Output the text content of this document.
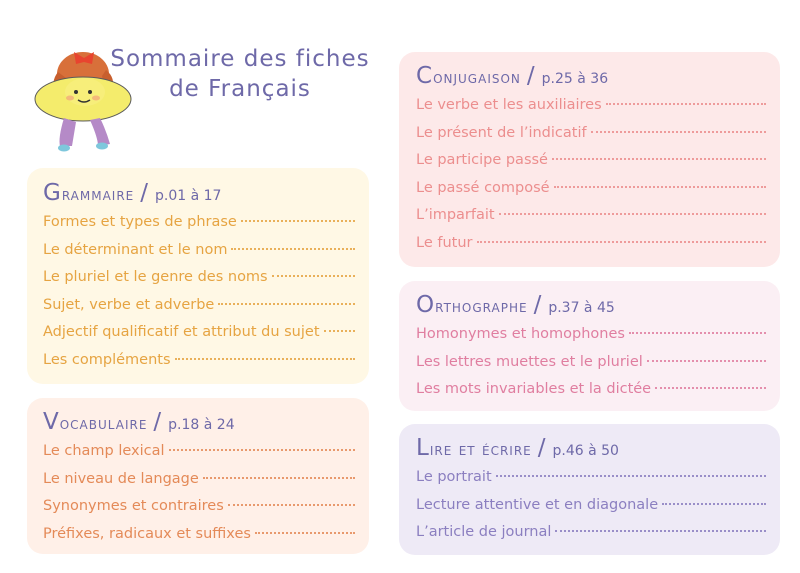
Sommaire des fiches
de Français
Grammaire / p.01 à 17
Formes et types de phrase
Le déterminant et le nom
Le pluriel et le genre des noms
Sujet, verbe et adverbe
Adjectif qualificatif et attribut du sujet
Les compléments
Vocabulaire / p.18 à 24
Le champ lexical
Le niveau de langage
Synonymes et contraires
Préfixes, radicaux et suffixes
Conjugaison / p.25 à 36
Le verbe et les auxiliaires
Le présent de l’indicatif
Le participe passé
Le passé composé
L’imparfait
Le futur
Orthographe / p.37 à 45
Homonymes et homophones
Les lettres muettes et le pluriel
Les mots invariables et la dictée
Lire et écrire / p.46 à 50
Le portrait
Lecture attentive et en diagonale
L’article de journal
